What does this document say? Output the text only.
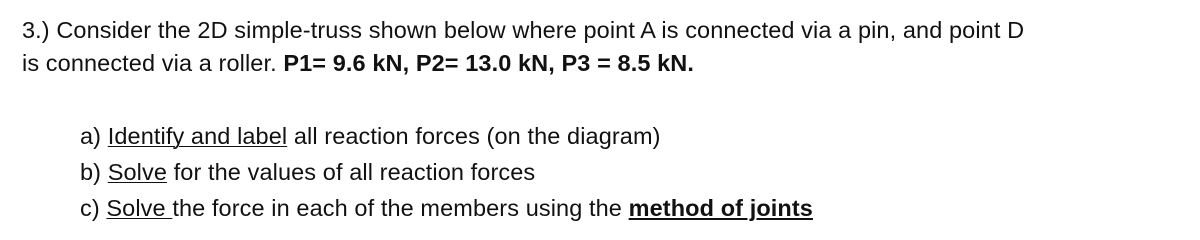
3.) Consider the 2D simple-truss shown below where point A is connected via a pin, and point D
is connected via a roller. P1= 9.6 kN, P2= 13.0 kN, P3 = 8.5 kN.
a) Identify and label all reaction forces (on the diagram)
b) Solve for the values of all reaction forces
c) Solve the force in each of the members using the method of joints
